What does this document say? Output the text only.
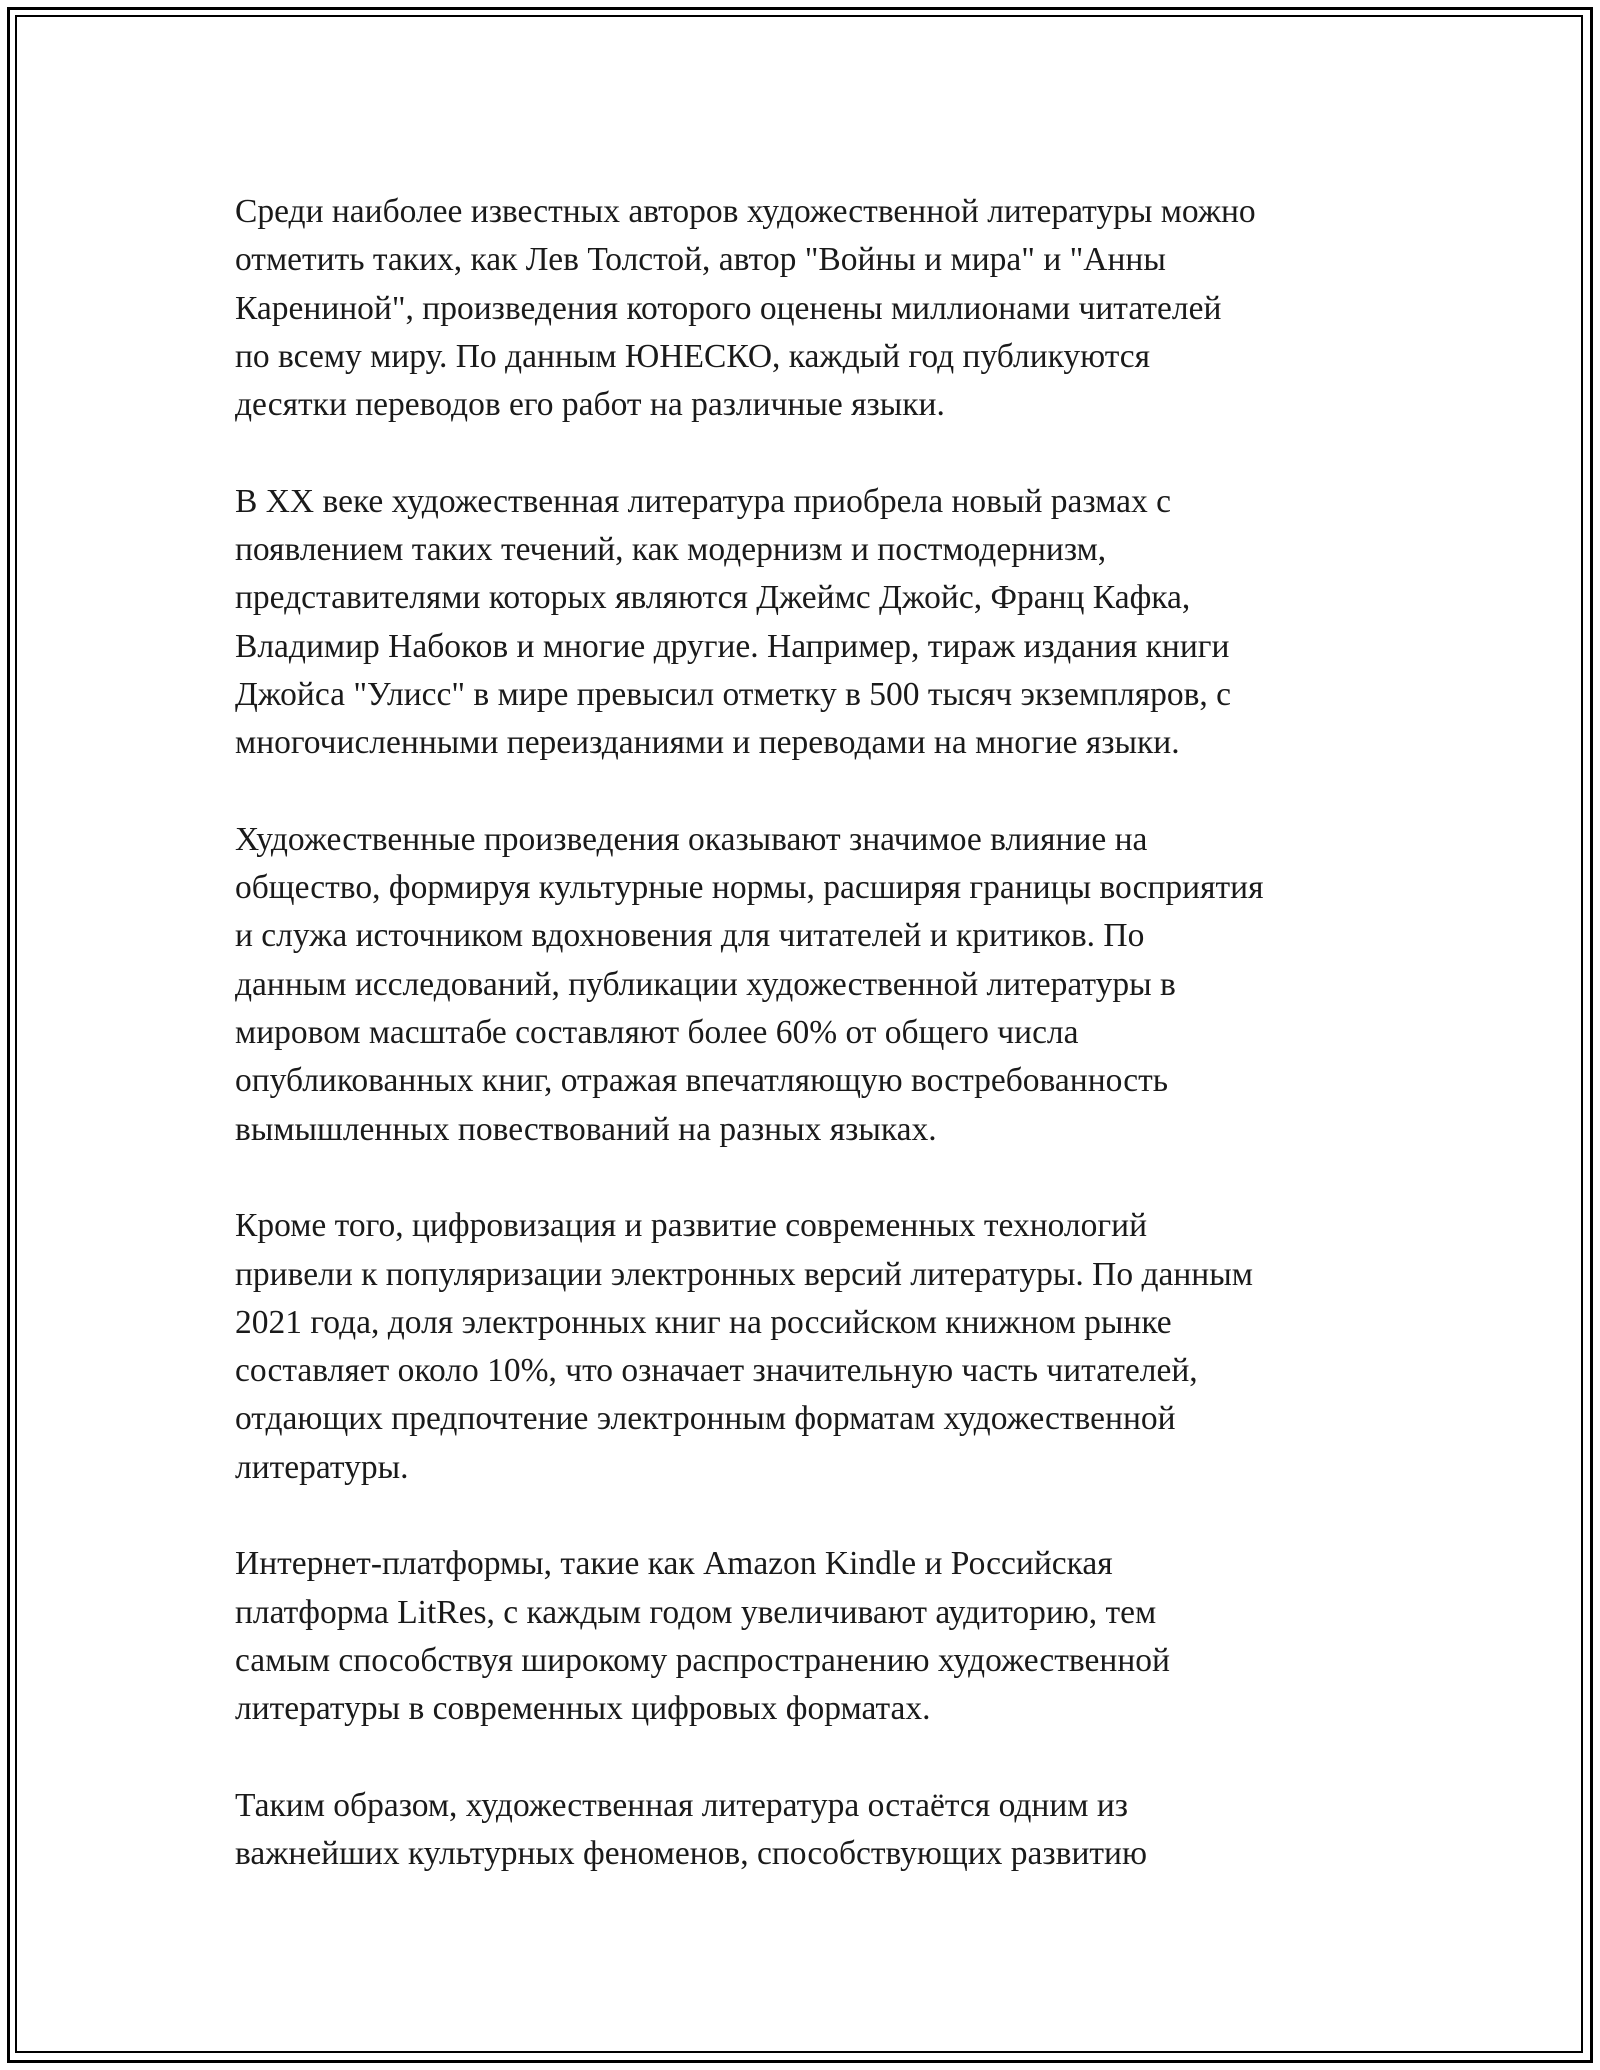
Среди наиболее известных авторов художественной литературы можно
отметить таких, как Лев Толстой, автор "Войны и мира" и "Анны
Карениной", произведения которого оценены миллионами читателей
по всему миру. По данным ЮНЕСКО, каждый год публикуются
десятки переводов его работ на различные языки.

В XX веке художественная литература приобрела новый размах с
появлением таких течений, как модернизм и постмодернизм,
представителями которых являются Джеймс Джойс, Франц Кафка,
Владимир Набоков и многие другие. Например, тираж издания книги
Джойса "Улисс" в мире превысил отметку в 500 тысяч экземпляров, с
многочисленными переизданиями и переводами на многие языки.

Художественные произведения оказывают значимое влияние на
общество, формируя культурные нормы, расширяя границы восприятия
и служа источником вдохновения для читателей и критиков. По
данным исследований, публикации художественной литературы в
мировом масштабе составляют более 60% от общего числа
опубликованных книг, отражая впечатляющую востребованность
вымышленных повествований на разных языках.

Кроме того, цифровизация и развитие современных технологий
привели к популяризации электронных версий литературы. По данным
2021 года, доля электронных книг на российском книжном рынке
составляет около 10%, что означает значительную часть читателей,
отдающих предпочтение электронным форматам художественной
литературы.

Интернет-платформы, такие как Amazon Kindle и Российская
платформа LitRes, с каждым годом увеличивают аудиторию, тем
самым способствуя широкому распространению художественной
литературы в современных цифровых форматах.

Таким образом, художественная литература остаётся одним из
важнейших культурных феноменов, способствующих развитию
